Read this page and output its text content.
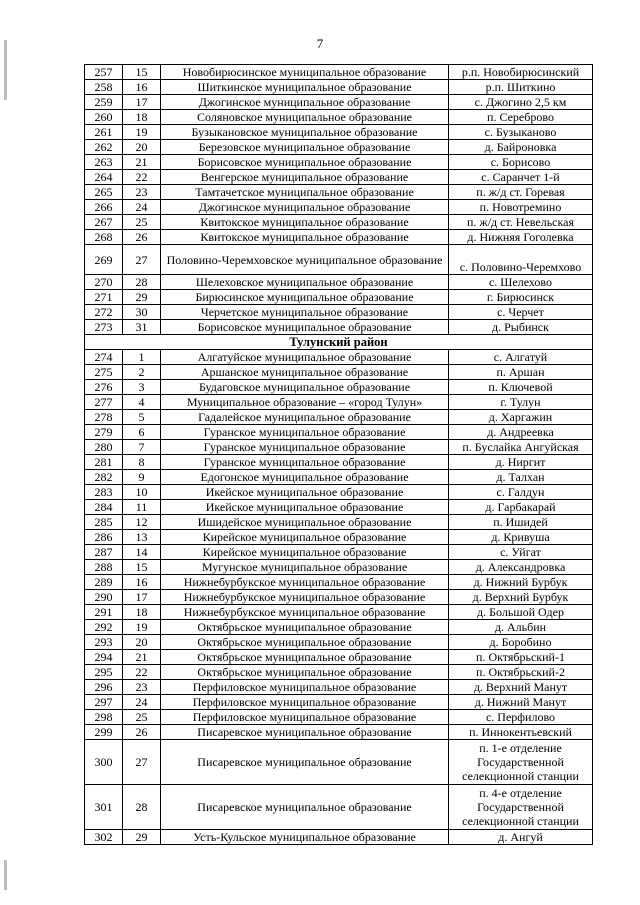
7
257	15	Новобирюсинское муниципальное образование	р.п. Новобирюсинский
258	16	Шиткинское муниципальное образование	р.п. Шиткино
259	17	Джогинское муниципальное образование	с. Джогино 2,5 км
260	18	Соляновское муниципальное образование	п. Сереброво
261	19	Бузыкановское муниципальное образование	с. Бузыканово
262	20	Березовское муниципальное образование	д. Байроновка
263	21	Борисовское муниципальное образование	с. Борисово
264	22	Венгерское муниципальное образование	с. Саранчет 1-й
265	23	Тамтачетское муниципальное образование	п. ж/д ст. Горевая
266	24	Джогинское муниципальное образование	п. Новотремино
267	25	Квитокское муниципальное образование	п. ж/д ст. Невельская
268	26	Квитокское муниципальное образование	д. Нижняя Гоголевка
269	27	Половино-Черемховское муниципальное образование	с. Половино-Черемхово
270	28	Шелеховское муниципальное образование	с. Шелехово
271	29	Бирюсинское муниципальное образование	г. Бирюсинск
272	30	Черчетское муниципальное образование	с. Черчет
273	31	Борисовское муниципальное образование	д. Рыбинск
Тулунский район			
274	1	Алгатуйское муниципальное образование	с. Алгатуй
275	2	Аршанское муниципальное образование	п. Аршан
276	3	Будаговское муниципальное образование	п. Ключевой
277	4	Муниципальное образование – «город Тулун»	г. Тулун
278	5	Гадалейское муниципальное образование	д. Харгажин
279	6	Гуранское муниципальное образование	д. Андреевка
280	7	Гуранское муниципальное образование	п. Буслайка Ангуйская
281	8	Гуранское муниципальное образование	д. Ниргит
282	9	Едогонское муниципальное образование	д. Талхан
283	10	Икейское муниципальное образование	с. Галдун
284	11	Икейское муниципальное образование	д. Гарбакарай
285	12	Ишидейское муниципальное образование	п. Ишидей
286	13	Кирейское муниципальное образование	д. Кривуша
287	14	Кирейское муниципальное образование	с. Уйгат
288	15	Мугунское муниципальное образование	д. Александровка
289	16	Нижнебурбукское муниципальное образование	д. Нижний Бурбук
290	17	Нижнебурбукское муниципальное образование	д. Верхний Бурбук
291	18	Нижнебурбукское муниципальное образование	д. Большой Одер
292	19	Октябрьское муниципальное образование	д. Альбин
293	20	Октябрьское муниципальное образование	д. Боробино
294	21	Октябрьское муниципальное образование	п. Октябрьский-1
295	22	Октябрьское муниципальное образование	п. Октябрьский-2
296	23	Перфиловское муниципальное образование	д. Верхний Манут
297	24	Перфиловское муниципальное образование	д. Нижний Манут
298	25	Перфиловское муниципальное образование	с. Перфилово
299	26	Писаревское муниципальное образование	п. Иннокентьевский
300	27	Писаревское муниципальное образование	п. 1-е отделение Государственной селекционной станции
301	28	Писаревское муниципальное образование	п. 4-е отделение Государственной селекционной станции
302	29	Усть-Кульское муниципальное образование	д. Ангуй
